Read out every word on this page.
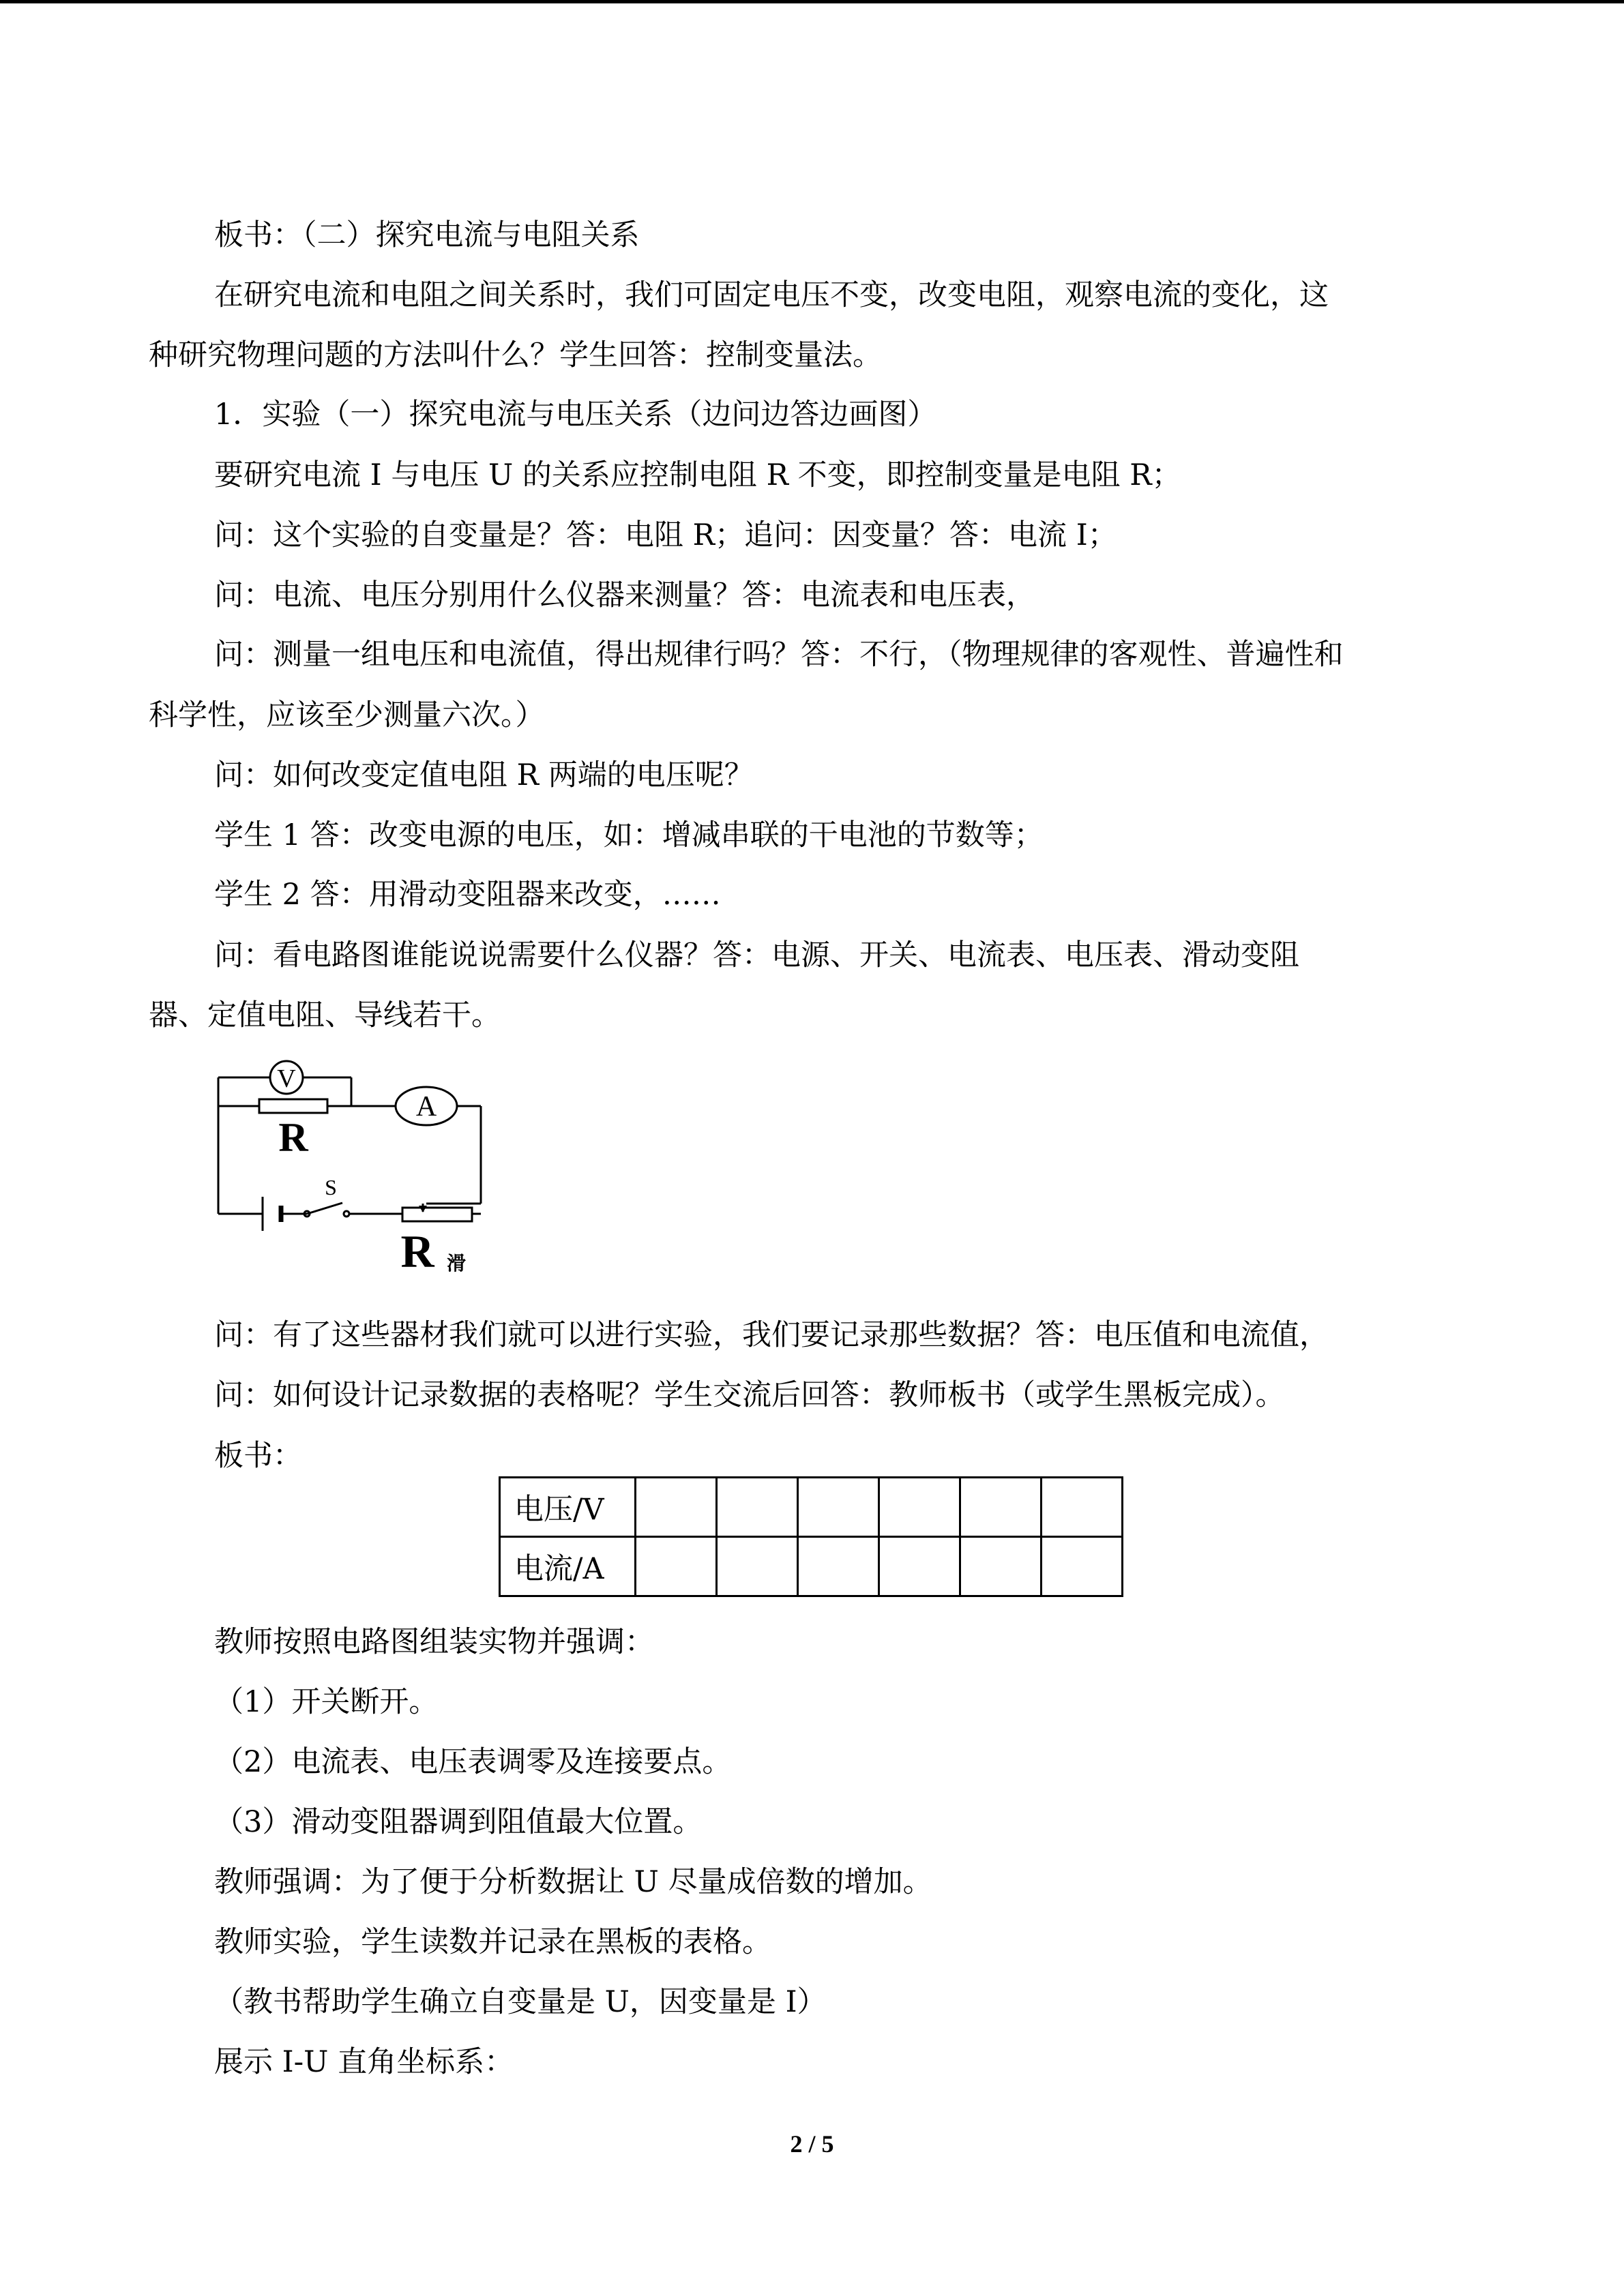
板书：（二）探究电流与电阻关系
在研究电流和电阻之间关系时，我们可固定电压不变，改变电阻，观察电流的变化，这
种研究物理问题的方法叫什么？学生回答：控制变量法。
1．实验（一）探究电流与电压关系（边问边答边画图）
要研究电流 I 与电压 U 的关系应控制电阻 R 不变，即控制变量是电阻 R；
问：这个实验的自变量是？答：电阻 R；追问：因变量？答：电流 I；
问：电流、电压分别用什么仪器来测量？答：电流表和电压表，
问：测量一组电压和电流值，得出规律行吗？答：不行，（物理规律的客观性、普遍性和
科学性，应该至少测量六次。）
问：如何改变定值电阻 R 两端的电压呢？
学生 1 答：改变电源的电压，如：增减串联的干电池的节数等；
学生 2 答：用滑动变阻器来改变，……
问：看电路图谁能说说需要什么仪器？答：电源、开关、电流表、电压表、滑动变阻
器、定值电阻、导线若干。
V
A
R
S
R 滑
问：有了这些器材我们就可以进行实验，我们要记录那些数据？答：电压值和电流值，
问：如何设计记录数据的表格呢？学生交流后回答：教师板书（或学生黑板完成）。
板书：
电压/V						
电流/A						
教师按照电路图组装实物并强调：
（1）开关断开。
（2）电流表、电压表调零及连接要点。
（3）滑动变阻器调到阻值最大位置。
教师强调：为了便于分析数据让 U 尽量成倍数的增加。
教师实验，学生读数并记录在黑板的表格。
（教书帮助学生确立自变量是 U，因变量是 I）
展示 I-U 直角坐标系：
2 / 5
